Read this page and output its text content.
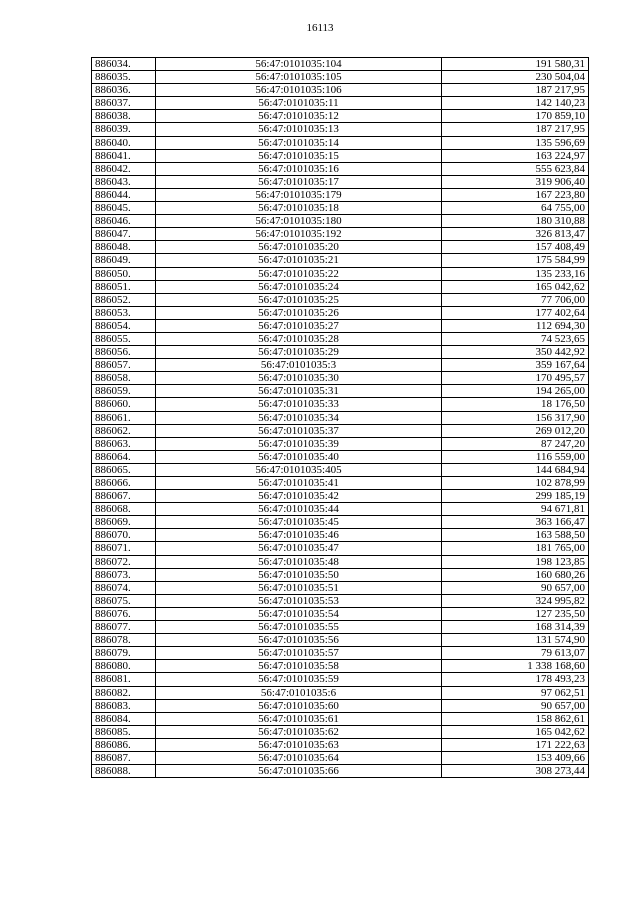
16113
886034.	56:47:0101035:104	191 580,31
886035.	56:47:0101035:105	230 504,04
886036.	56:47:0101035:106	187 217,95
886037.	56:47:0101035:11	142 140,23
886038.	56:47:0101035:12	170 859,10
886039.	56:47:0101035:13	187 217,95
886040.	56:47:0101035:14	135 596,69
886041.	56:47:0101035:15	163 224,97
886042.	56:47:0101035:16	555 623,84
886043.	56:47:0101035:17	319 906,40
886044.	56:47:0101035:179	167 223,80
886045.	56:47:0101035:18	64 755,00
886046.	56:47:0101035:180	180 310,88
886047.	56:47:0101035:192	326 813,47
886048.	56:47:0101035:20	157 408,49
886049.	56:47:0101035:21	175 584,99
886050.	56:47:0101035:22	135 233,16
886051.	56:47:0101035:24	165 042,62
886052.	56:47:0101035:25	77 706,00
886053.	56:47:0101035:26	177 402,64
886054.	56:47:0101035:27	112 694,30
886055.	56:47:0101035:28	74 523,65
886056.	56:47:0101035:29	350 442,92
886057.	56:47:0101035:3	359 167,64
886058.	56:47:0101035:30	170 495,57
886059.	56:47:0101035:31	194 265,00
886060.	56:47:0101035:33	18 176,50
886061.	56:47:0101035:34	156 317,90
886062.	56:47:0101035:37	269 012,20
886063.	56:47:0101035:39	87 247,20
886064.	56:47:0101035:40	116 559,00
886065.	56:47:0101035:405	144 684,94
886066.	56:47:0101035:41	102 878,99
886067.	56:47:0101035:42	299 185,19
886068.	56:47:0101035:44	94 671,81
886069.	56:47:0101035:45	363 166,47
886070.	56:47:0101035:46	163 588,50
886071.	56:47:0101035:47	181 765,00
886072.	56:47:0101035:48	198 123,85
886073.	56:47:0101035:50	160 680,26
886074.	56:47:0101035:51	90 657,00
886075.	56:47:0101035:53	324 995,82
886076.	56:47:0101035:54	127 235,50
886077.	56:47:0101035:55	168 314,39
886078.	56:47:0101035:56	131 574,90
886079.	56:47:0101035:57	79 613,07
886080.	56:47:0101035:58	1 338 168,60
886081.	56:47:0101035:59	178 493,23
886082.	56:47:0101035:6	97 062,51
886083.	56:47:0101035:60	90 657,00
886084.	56:47:0101035:61	158 862,61
886085.	56:47:0101035:62	165 042,62
886086.	56:47:0101035:63	171 222,63
886087.	56:47:0101035:64	153 409,66
886088.	56:47:0101035:66	308 273,44
